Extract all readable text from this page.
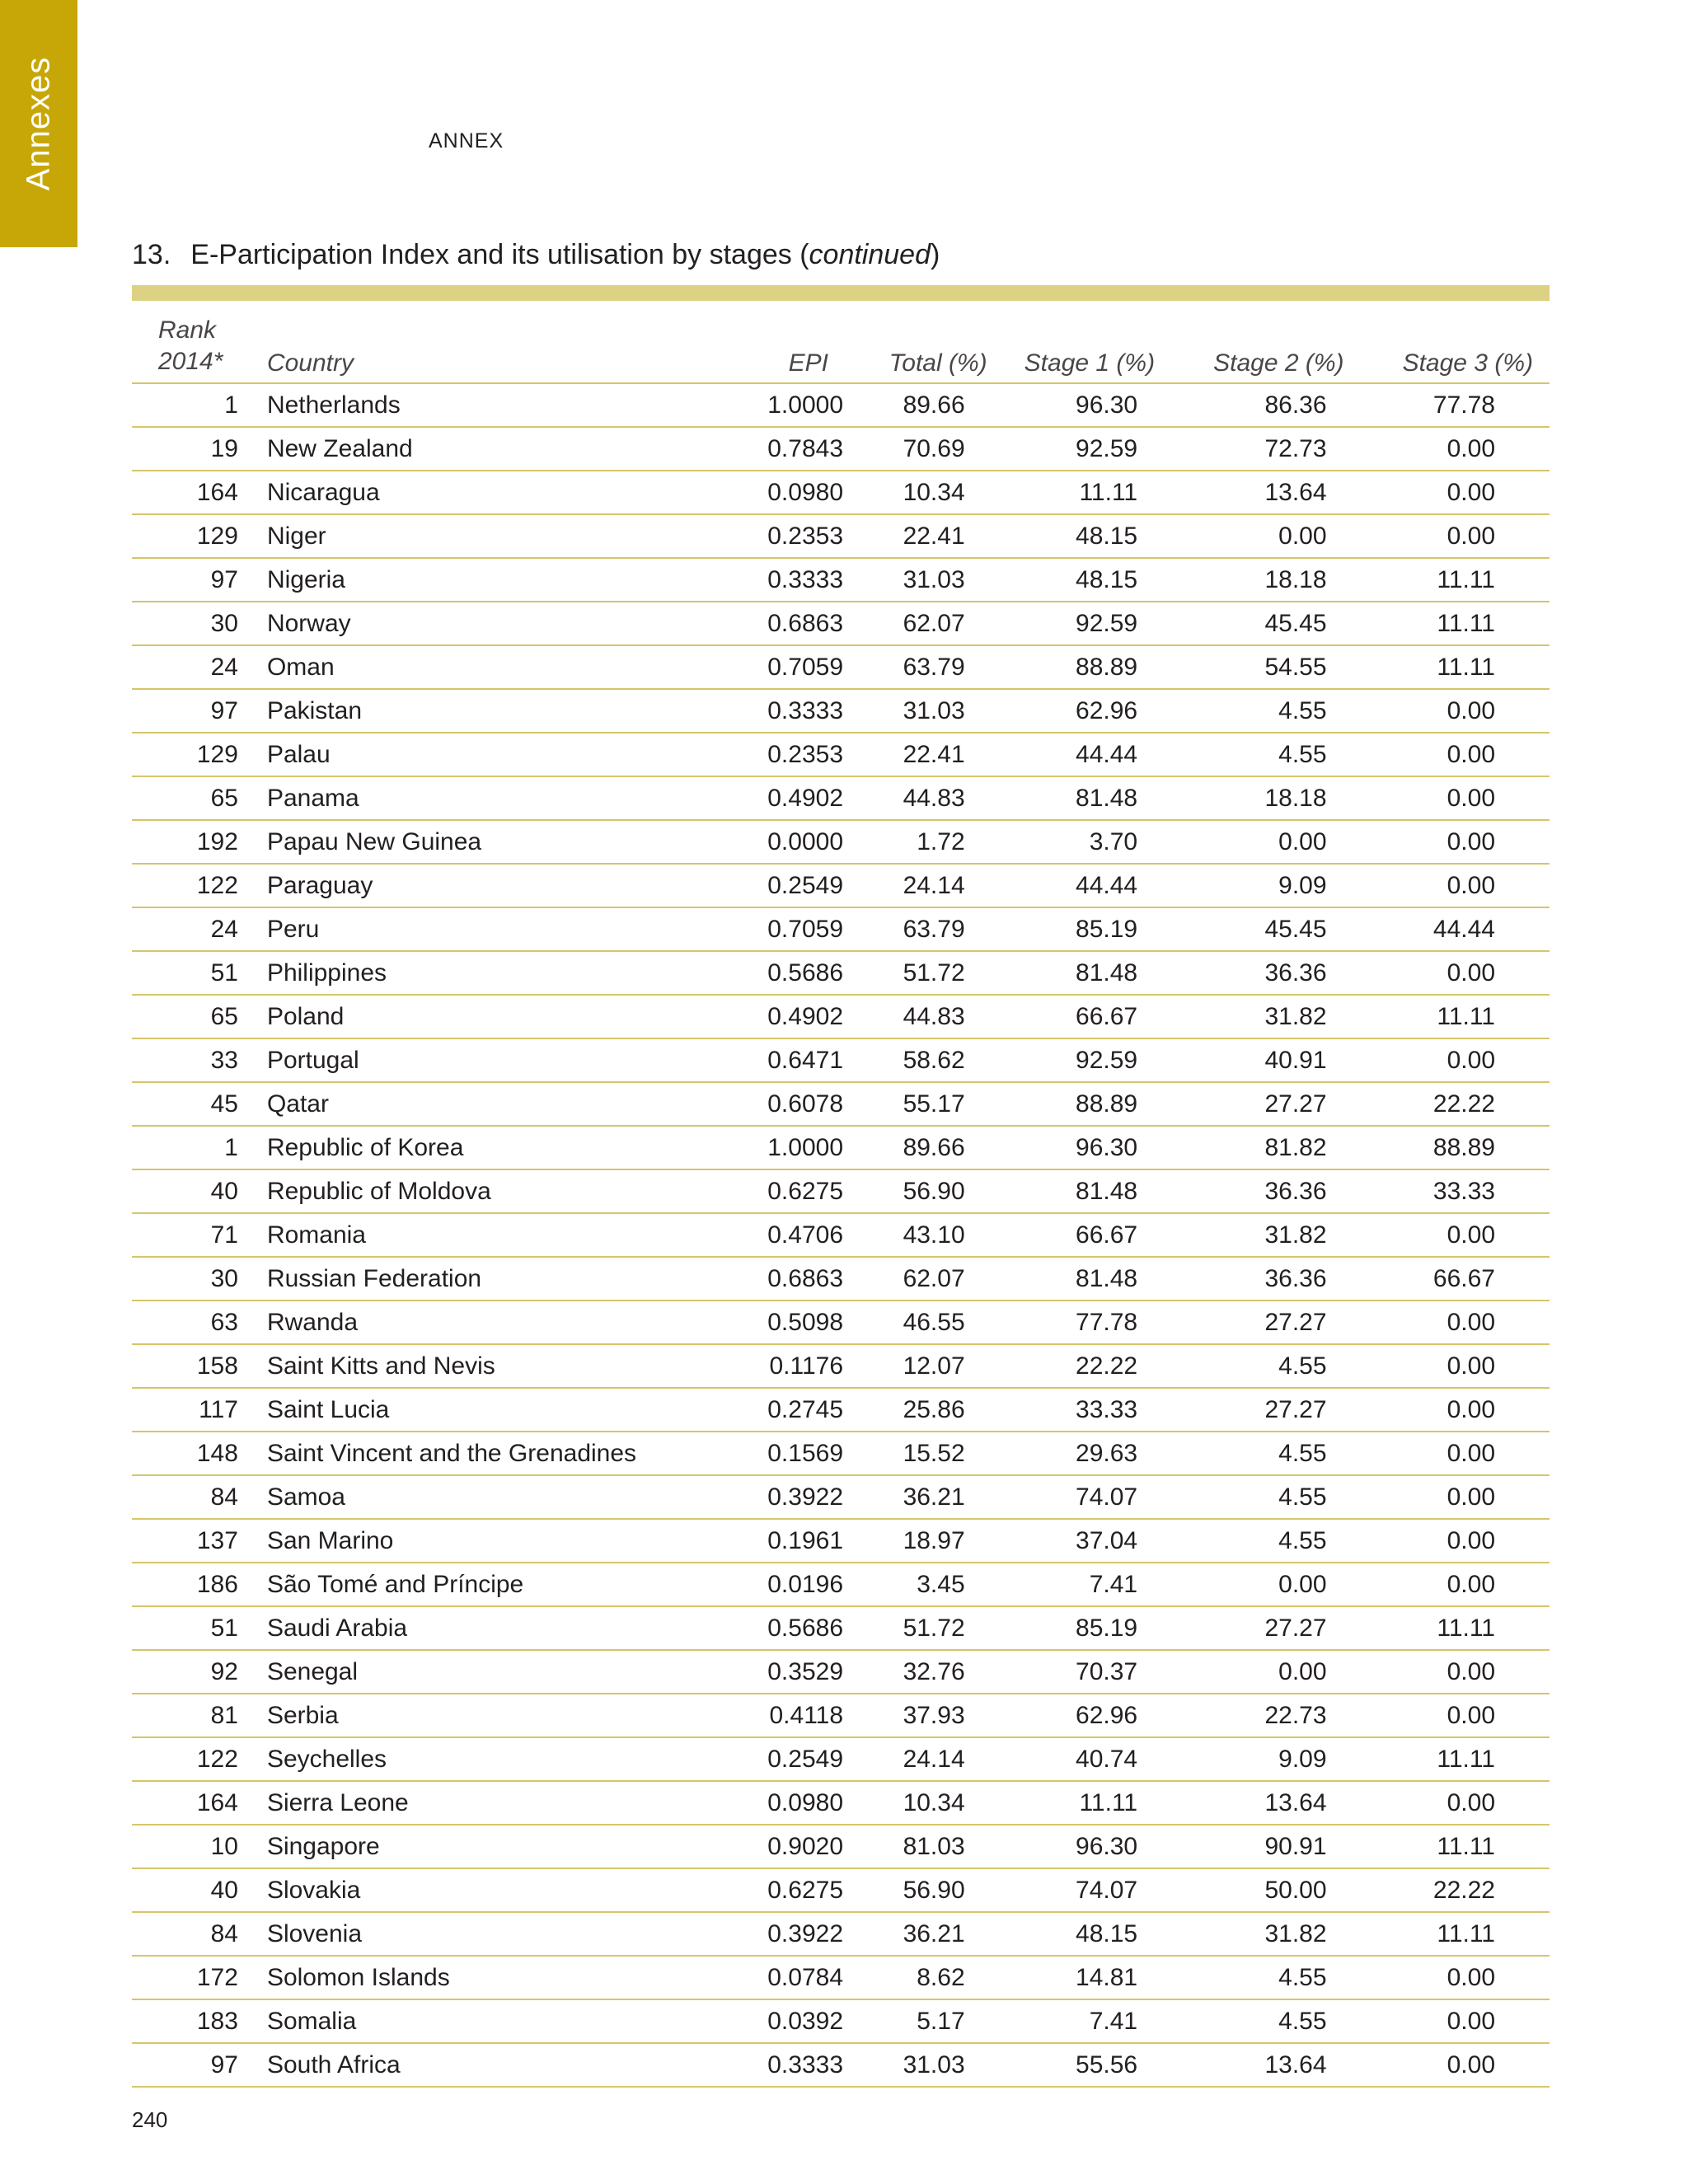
Annexes	ANNEX
13. E-Participation Index and its utilisation by stages (continued)
Rank
2014*	Country	EPI	Total (%)	Stage 1 (%)	Stage 2 (%)	Stage 3 (%)
1	Netherlands	1.0000	89.66	96.30	86.36	77.78
19	New Zealand	0.7843	70.69	92.59	72.73	0.00
164	Nicaragua	0.0980	10.34	11.11	13.64	0.00
129	Niger	0.2353	22.41	48.15	0.00	0.00
97	Nigeria	0.3333	31.03	48.15	18.18	11.11
30	Norway	0.6863	62.07	92.59	45.45	11.11
24	Oman	0.7059	63.79	88.89	54.55	11.11
97	Pakistan	0.3333	31.03	62.96	4.55	0.00
129	Palau	0.2353	22.41	44.44	4.55	0.00
65	Panama	0.4902	44.83	81.48	18.18	0.00
192	Papau New Guinea	0.0000	1.72	3.70	0.00	0.00
122	Paraguay	0.2549	24.14	44.44	9.09	0.00
24	Peru	0.7059	63.79	85.19	45.45	44.44
51	Philippines	0.5686	51.72	81.48	36.36	0.00
65	Poland	0.4902	44.83	66.67	31.82	11.11
33	Portugal	0.6471	58.62	92.59	40.91	0.00
45	Qatar	0.6078	55.17	88.89	27.27	22.22
1	Republic of Korea	1.0000	89.66	96.30	81.82	88.89
40	Republic of Moldova	0.6275	56.90	81.48	36.36	33.33
71	Romania	0.4706	43.10	66.67	31.82	0.00
30	Russian Federation	0.6863	62.07	81.48	36.36	66.67
63	Rwanda	0.5098	46.55	77.78	27.27	0.00
158	Saint Kitts and Nevis	0.1176	12.07	22.22	4.55	0.00
117	Saint Lucia	0.2745	25.86	33.33	27.27	0.00
148	Saint Vincent and the Grenadines	0.1569	15.52	29.63	4.55	0.00
84	Samoa	0.3922	36.21	74.07	4.55	0.00
137	San Marino	0.1961	18.97	37.04	4.55	0.00
186	São Tomé and Príncipe	0.0196	3.45	7.41	0.00	0.00
51	Saudi Arabia	0.5686	51.72	85.19	27.27	11.11
92	Senegal	0.3529	32.76	70.37	0.00	0.00
81	Serbia	0.4118	37.93	62.96	22.73	0.00
122	Seychelles	0.2549	24.14	40.74	9.09	11.11
164	Sierra Leone	0.0980	10.34	11.11	13.64	0.00
10	Singapore	0.9020	81.03	96.30	90.91	11.11
40	Slovakia	0.6275	56.90	74.07	50.00	22.22
84	Slovenia	0.3922	36.21	48.15	31.82	11.11
172	Solomon Islands	0.0784	8.62	14.81	4.55	0.00
183	Somalia	0.0392	5.17	7.41	4.55	0.00
97	South Africa	0.3333	31.03	55.56	13.64	0.00
240
